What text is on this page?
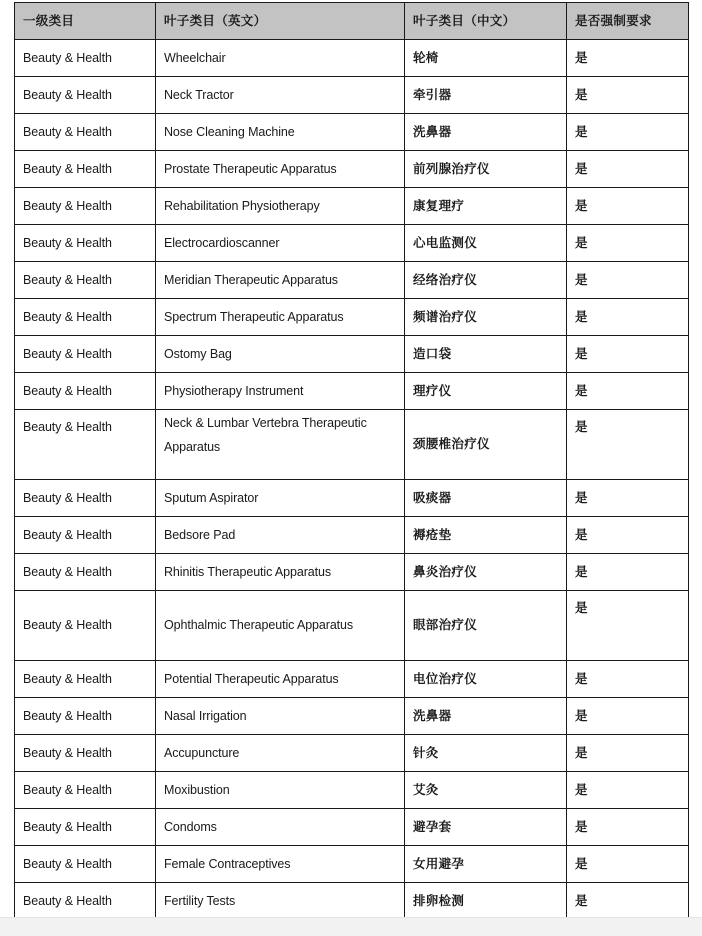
一级类目	叶子类目（英文）	叶子类目（中文）	是否强制要求
Beauty & Health	Wheelchair	轮椅	是
Beauty & Health	Neck Tractor	牵引器	是
Beauty & Health	Nose Cleaning Machine	洗鼻器	是
Beauty & Health	Prostate Therapeutic Apparatus	前列腺治疗仪	是
Beauty & Health	Rehabilitation Physiotherapy	康复理疗	是
Beauty & Health	Electrocardioscanner	心电监测仪	是
Beauty & Health	Meridian Therapeutic Apparatus	经络治疗仪	是
Beauty & Health	Spectrum Therapeutic Apparatus	频谱治疗仪	是
Beauty & Health	Ostomy Bag	造口袋	是
Beauty & Health	Physiotherapy Instrument	理疗仪	是
Beauty & Health	Neck & Lumbar Vertebra Therapeutic Apparatus	颈腰椎治疗仪	是
Beauty & Health	Sputum Aspirator	吸痰器	是
Beauty & Health	Bedsore Pad	褥疮垫	是
Beauty & Health	Rhinitis Therapeutic Apparatus	鼻炎治疗仪	是
Beauty & Health	Ophthalmic Therapeutic Apparatus	眼部治疗仪	是
Beauty & Health	Potential Therapeutic Apparatus	电位治疗仪	是
Beauty & Health	Nasal Irrigation	洗鼻器	是
Beauty & Health	Accupuncture	针灸	是
Beauty & Health	Moxibustion	艾灸	是
Beauty & Health	Condoms	避孕套	是
Beauty & Health	Female Contraceptives	女用避孕	是
Beauty & Health	Fertility Tests	排卵检测	是
